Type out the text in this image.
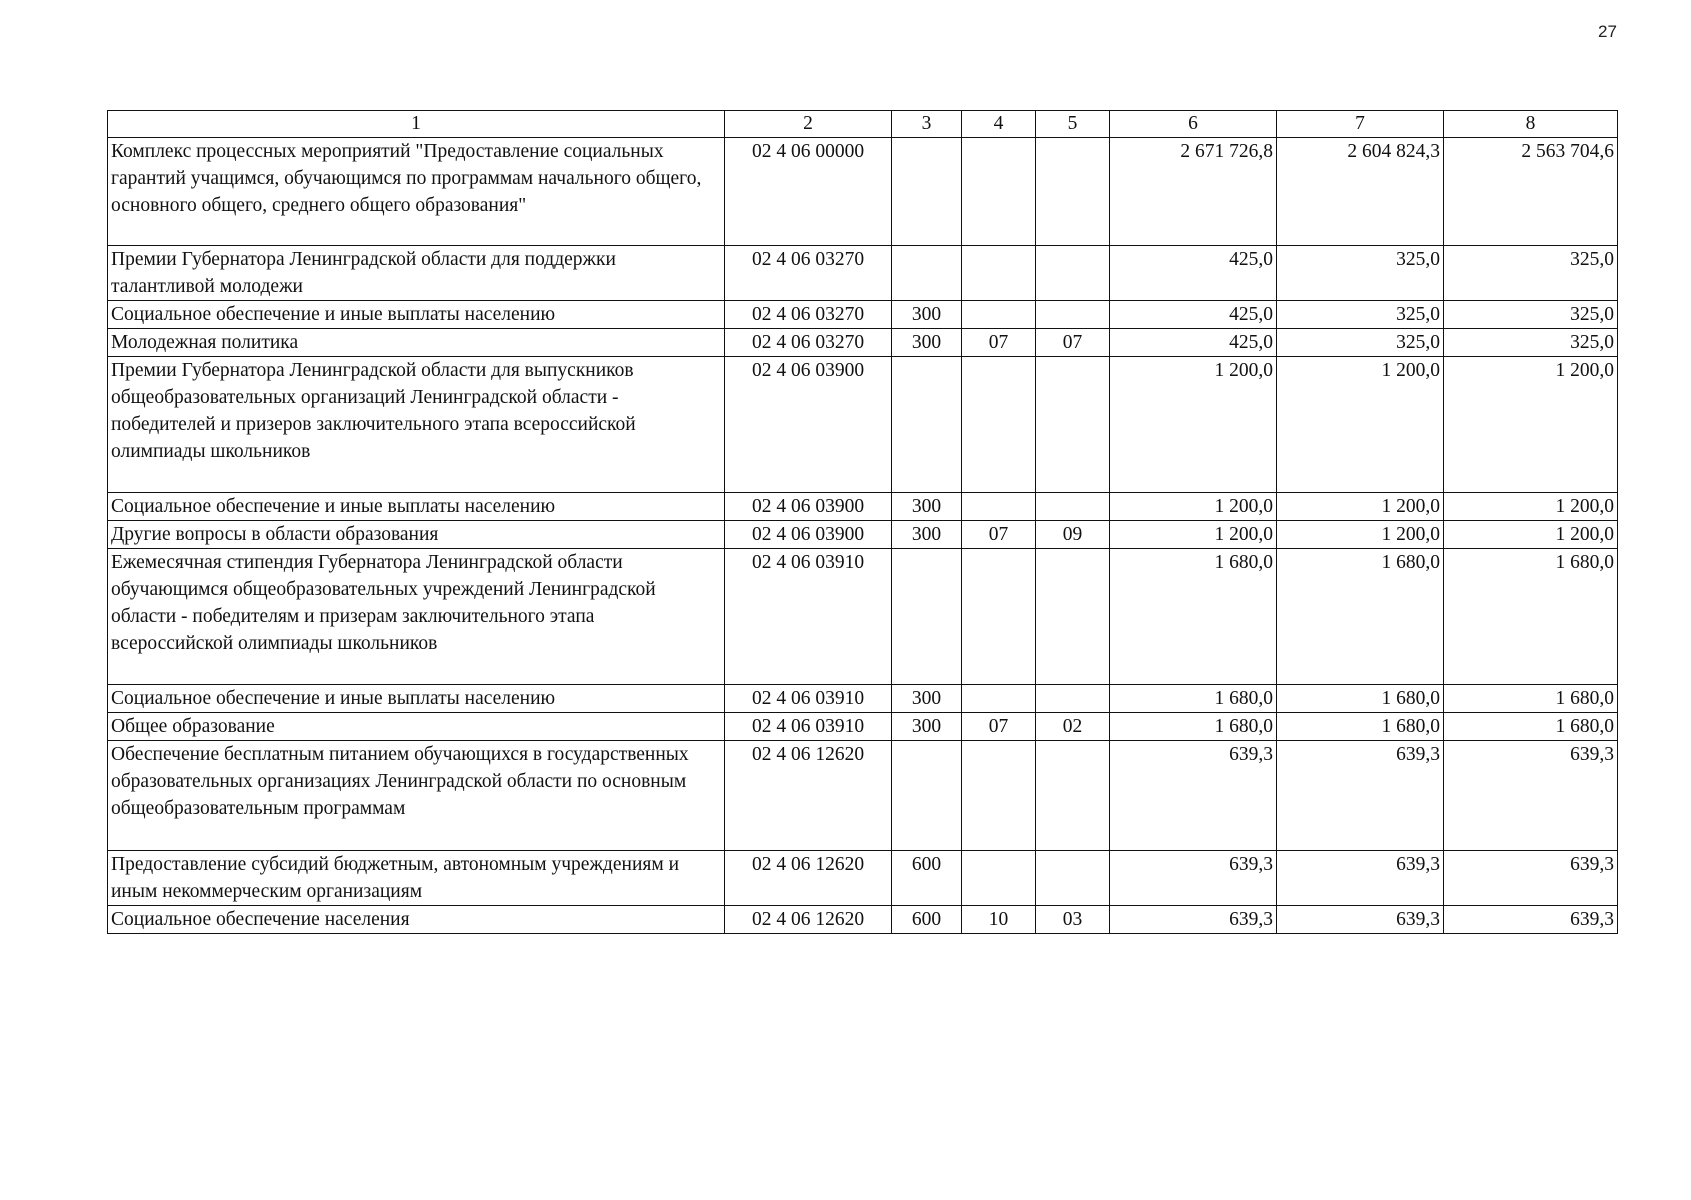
27
1	2	3	4	5	6	7	8
Комплекс процессных мероприятий "Предоставление социальных гарантий учащимся, обучающимся по программам начального общего, основного общего, среднего общего образования"	02 4 06 00000				2 671 726,8	2 604 824,3	2 563 704,6
Премии Губернатора Ленинградской области для поддержки талантливой молодежи	02 4 06 03270				425,0	325,0	325,0
Социальное обеспечение и иные выплаты населению	02 4 06 03270	300			425,0	325,0	325,0
Молодежная политика	02 4 06 03270	300	07	07	425,0	325,0	325,0
Премии Губернатора Ленинградской области для выпускников общеобразовательных организаций Ленинградской области - победителей и призеров заключительного этапа всероссийской олимпиады школьников	02 4 06 03900				1 200,0	1 200,0	1 200,0
Социальное обеспечение и иные выплаты населению	02 4 06 03900	300			1 200,0	1 200,0	1 200,0
Другие вопросы в области образования	02 4 06 03900	300	07	09	1 200,0	1 200,0	1 200,0
Ежемесячная стипендия Губернатора Ленинградской области обучающимся общеобразовательных учреждений Ленинградской области - победителям и призерам заключительного этапа всероссийской олимпиады школьников	02 4 06 03910				1 680,0	1 680,0	1 680,0
Социальное обеспечение и иные выплаты населению	02 4 06 03910	300			1 680,0	1 680,0	1 680,0
Общее образование	02 4 06 03910	300	07	02	1 680,0	1 680,0	1 680,0
Обеспечение бесплатным питанием обучающихся в государственных образовательных организациях Ленинградской области по основным общеобразовательным программам	02 4 06 12620				639,3	639,3	639,3
Предоставление субсидий бюджетным, автономным учреждениям и иным некоммерческим организациям	02 4 06 12620	600			639,3	639,3	639,3
Социальное обеспечение населения	02 4 06 12620	600	10	03	639,3	639,3	639,3
